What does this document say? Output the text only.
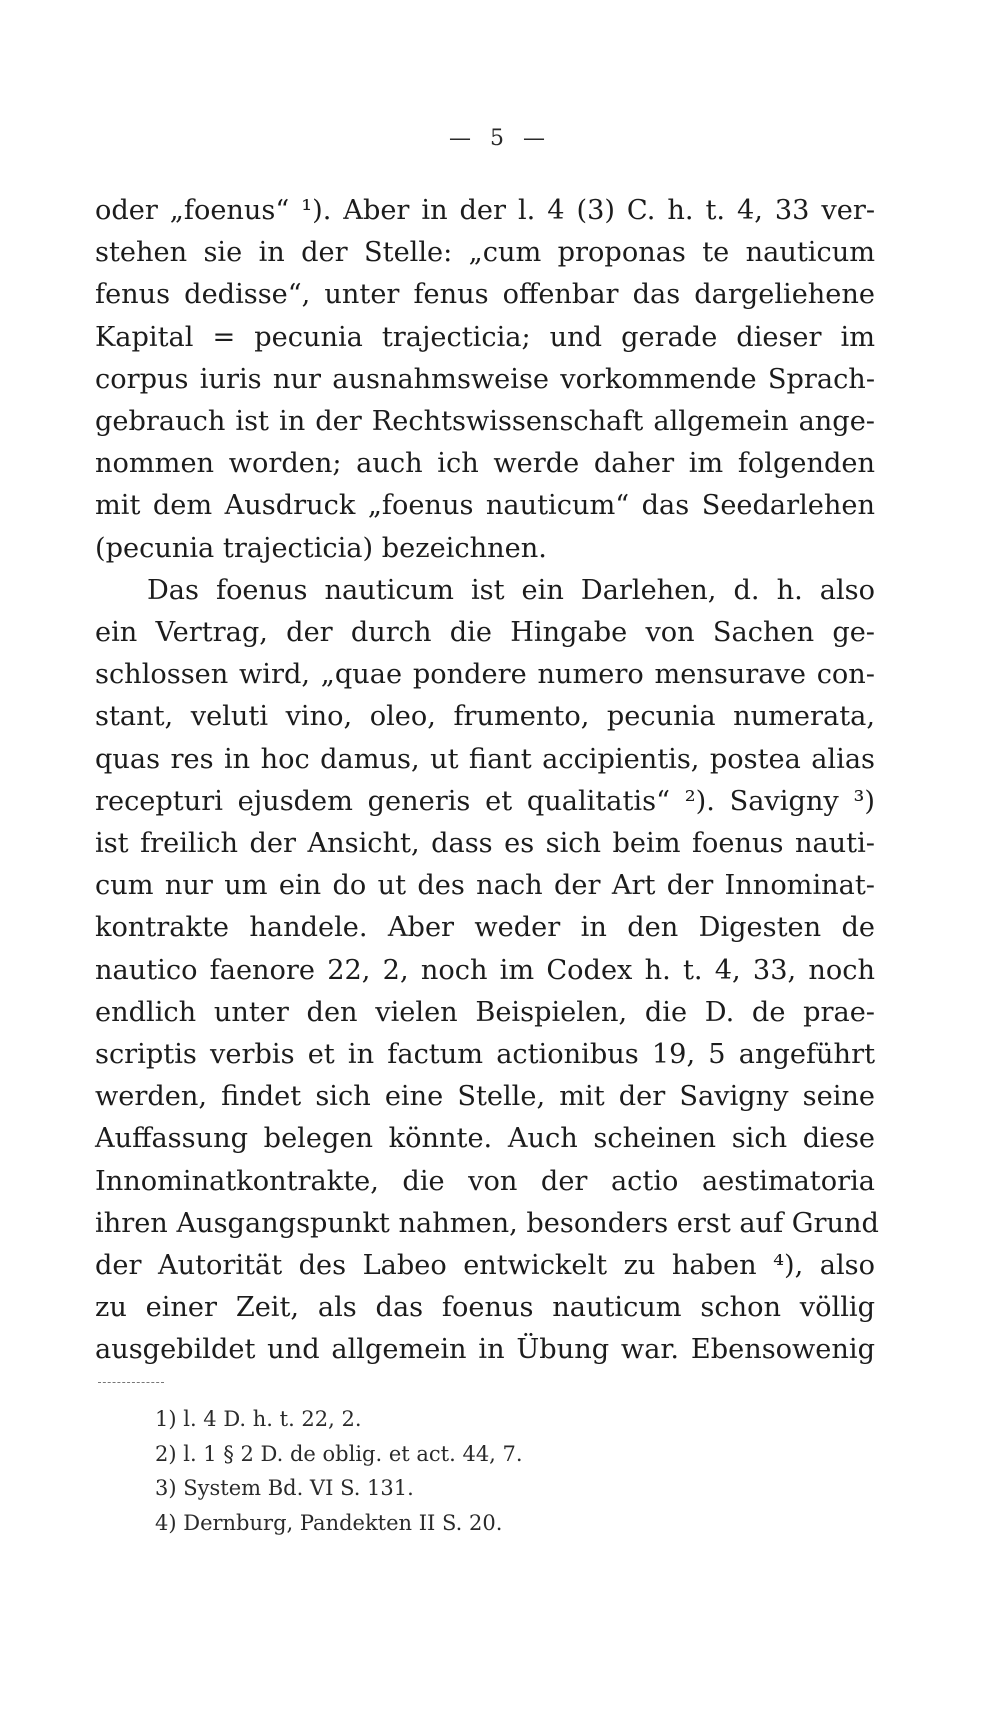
— 5 —
oder „foenus“ ¹). Aber in der l. 4 (3) C. h. t. 4, 33 ver-
stehen sie in der Stelle: „cum proponas te nauticum
fenus dedisse“, unter fenus offenbar das dargeliehene
Kapital = pecunia trajecticia; und gerade dieser im
corpus iuris nur ausnahmsweise vorkommende Sprach-
gebrauch ist in der Rechtswissenschaft allgemein ange-
nommen worden; auch ich werde daher im folgenden
mit dem Ausdruck „foenus nauticum“ das Seedarlehen
(pecunia trajecticia) bezeichnen.
Das foenus nauticum ist ein Darlehen, d. h. also
ein Vertrag, der durch die Hingabe von Sachen ge-
schlossen wird, „quae pondere numero mensurave con-
stant, veluti vino, oleo, frumento, pecunia numerata,
quas res in hoc damus, ut fiant accipientis, postea alias
recepturi ejusdem generis et qualitatis“ ²). Savigny ³)
ist freilich der Ansicht, dass es sich beim foenus nauti-
cum nur um ein do ut des nach der Art der Innominat-
kontrakte handele. Aber weder in den Digesten de
nautico faenore 22, 2, noch im Codex h. t. 4, 33, noch
endlich unter den vielen Beispielen, die D. de prae-
scriptis verbis et in factum actionibus 19, 5 angeführt
werden, findet sich eine Stelle, mit der Savigny seine
Auffassung belegen könnte. Auch scheinen sich diese
Innominatkontrakte, die von der actio aestimatoria
ihren Ausgangspunkt nahmen, besonders erst auf Grund
der Autorität des Labeo entwickelt zu haben ⁴), also
zu einer Zeit, als das foenus nauticum schon völlig
ausgebildet und allgemein in Übung war. Ebensowenig
1) l. 4 D. h. t. 22, 2.
2) l. 1 § 2 D. de oblig. et act. 44, 7.
3) System Bd. VI S. 131.
4) Dernburg, Pandekten II S. 20.
